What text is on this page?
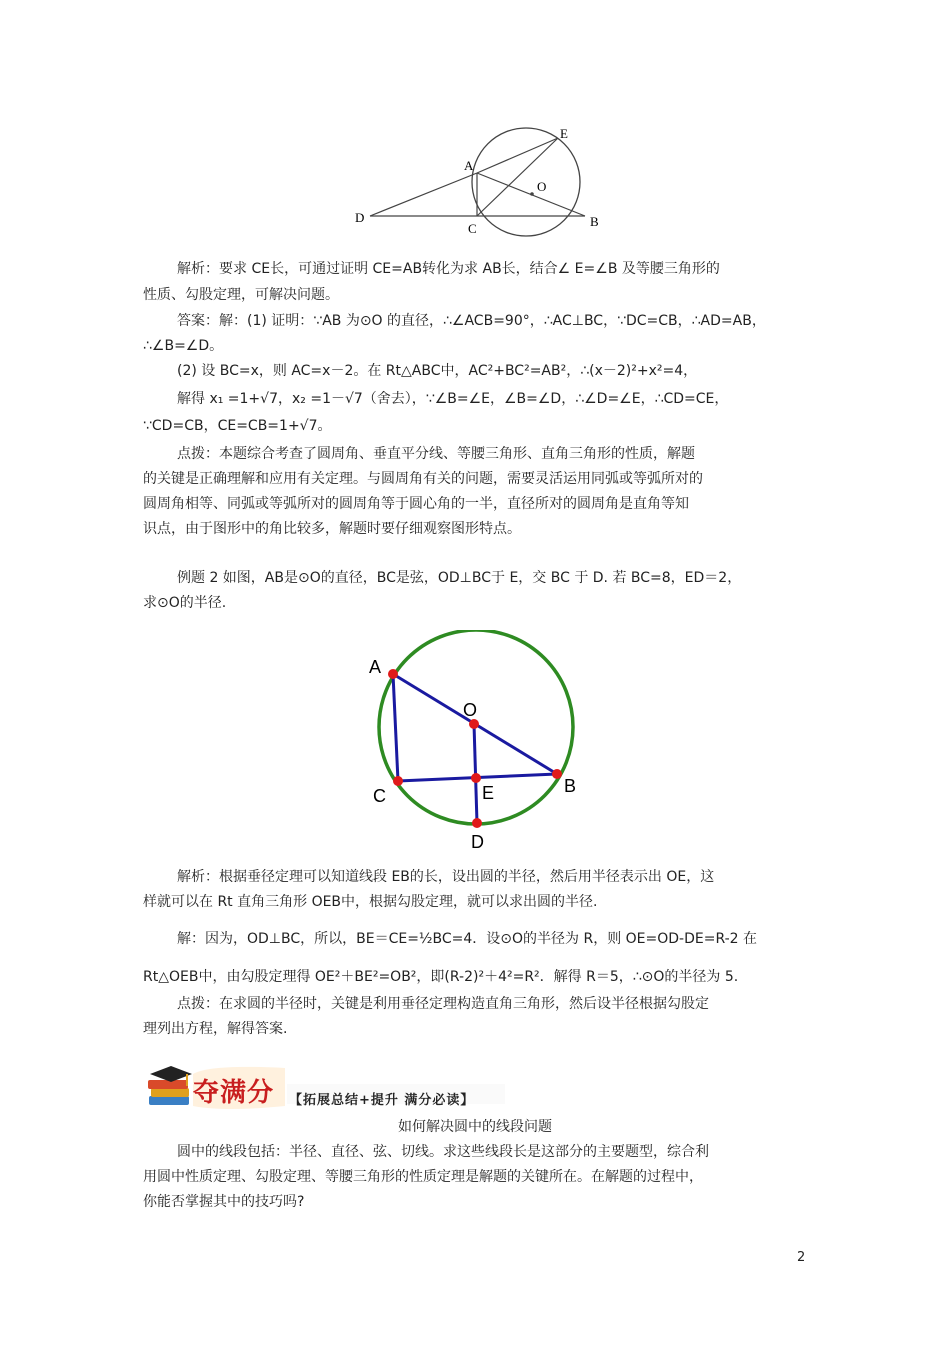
A
E
O
D
C	B

解析：要求 CE长，可通过证明 CE=AB转化为求 AB长，结合∠ E=∠B 及等腰三角形的

性质、勾股定理，可解决问题。

答案：解：(1) 证明：∵AB 为⊙O 的直径，∴∠ACB=90°，∴AC⊥BC，∵DC=CB，∴AD=AB，

∴∠B=∠D。

(2) 设 BC=x，则 AC=x－2。在 Rt△ABC中，AC²+BC²=AB²，∴(x－2)²+x²=4，

解得 x₁ =1+√7，x₂ =1－√7（舍去），∵∠B=∠E，∠B=∠D，∴∠D=∠E，∴CD=CE，

∵CD=CB，CE=CB=1+√7。

点拨：本题综合考查了圆周角、垂直平分线、等腰三角形、直角三角形的性质，解题

的关键是正确理解和应用有关定理。与圆周角有关的问题，需要灵活运用同弧或等弧所对的

圆周角相等、同弧或等弧所对的圆周角等于圆心角的一半，直径所对的圆周角是直角等知

识点，由于图形中的角比较多，解题时要仔细观察图形特点。

例题 2 如图，AB是⊙O的直径，BC是弦，OD⊥BC于 E，交 BC 于 D. 若 BC=8，ED＝2，

求⊙O的半径.

A
O
B
C	E
D

解析：根据垂径定理可以知道线段 EB的长，设出圆的半径，然后用半径表示出 OE，这

样就可以在 Rt 直角三角形 OEB中，根据勾股定理，就可以求出圆的半径.

解：因为，OD⊥BC，所以，BE＝CE=½BC=4．设⊙O的半径为 R，则 OE=OD-DE=R-2 在

Rt△OEB中，由勾股定理得 OE²＋BE²=OB²，即(R-2)²＋4²=R²．解得 R＝5，∴⊙O的半径为 5.

点拨：在求圆的半径时，关键是利用垂径定理构造直角三角形，然后设半径根据勾股定

理列出方程，解得答案.

夺满分 【拓展总结+提升 满分必读】
如何解决圆中的线段问题

圆中的线段包括：半径、直径、弦、切线。求这些线段长是这部分的主要题型，综合利

用圆中性质定理、勾股定理、等腰三角形的性质定理是解题的关键所在。在解题的过程中，

你能否掌握其中的技巧吗?

2
